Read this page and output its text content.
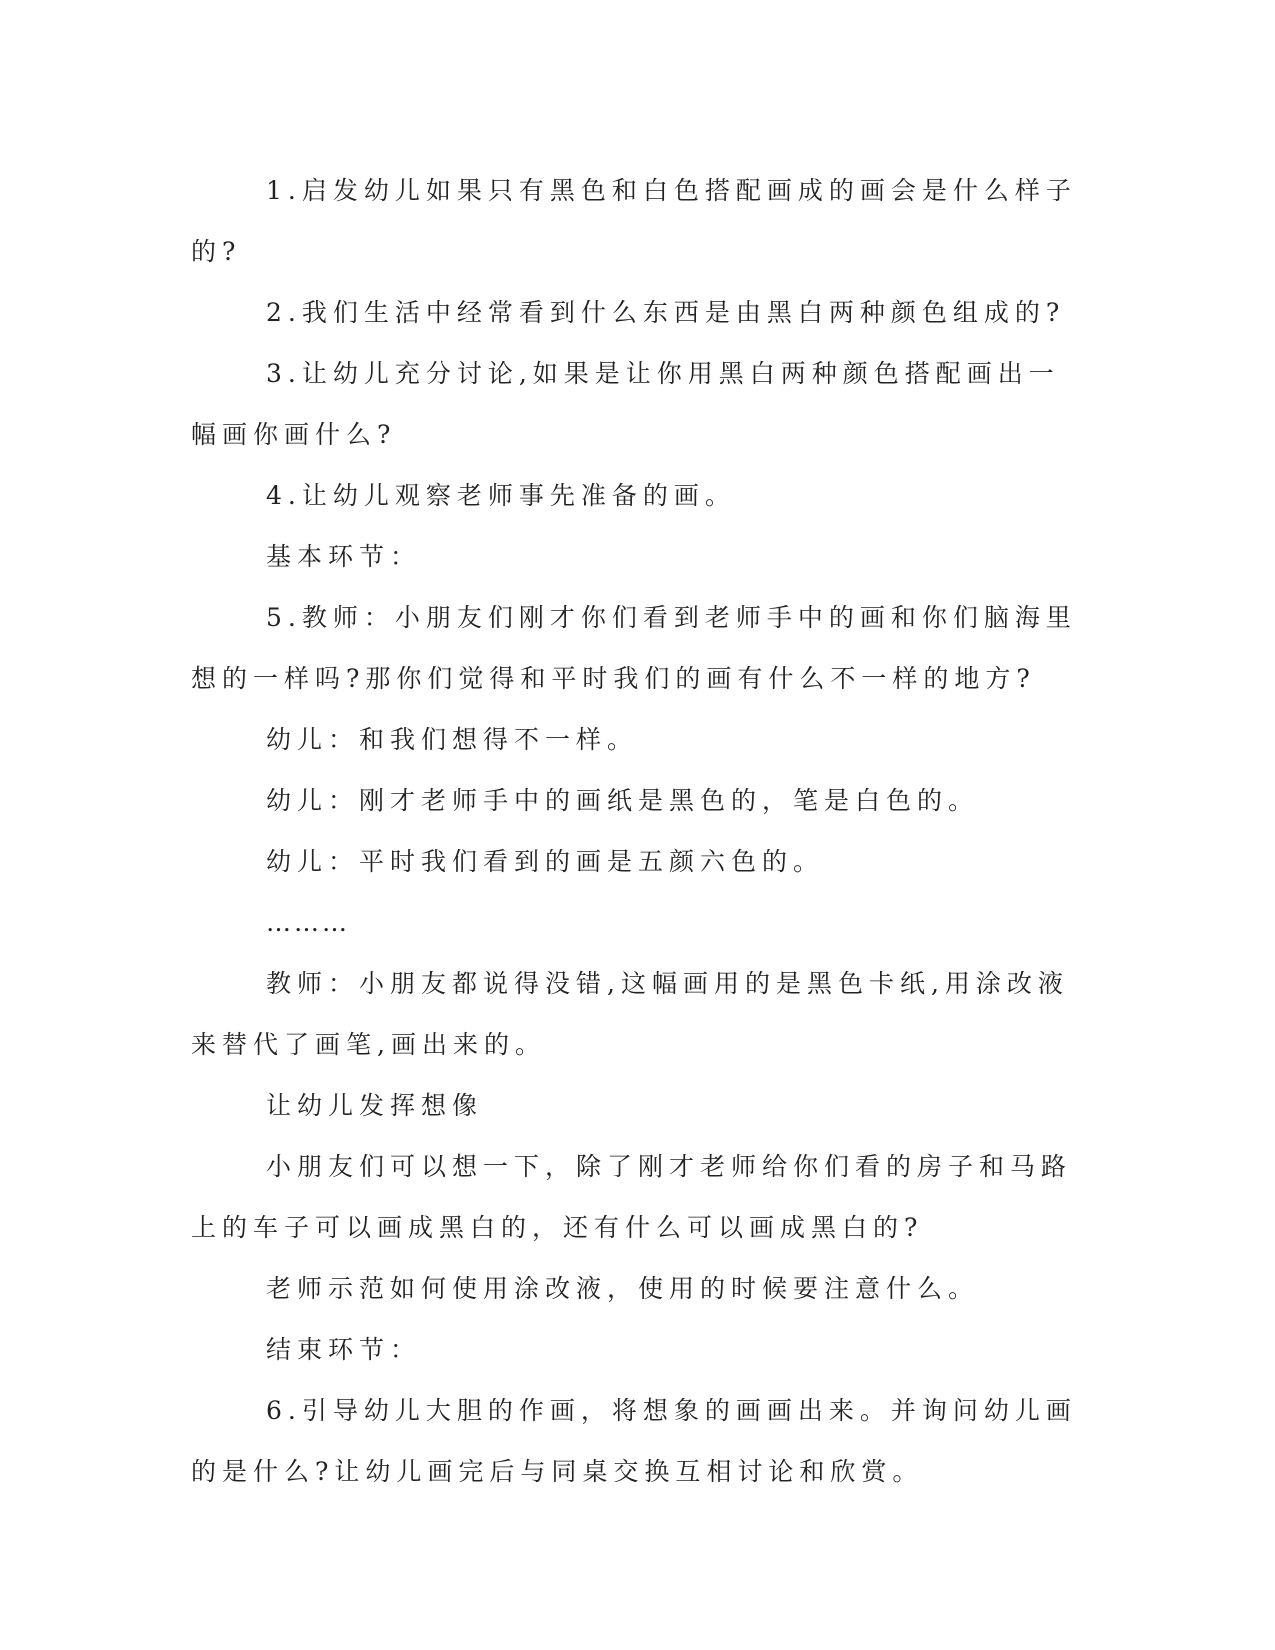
1.启发幼儿如果只有黑色和白色搭配画成的画会是什么样子的?

2.我们生活中经常看到什么东西是由黑白两种颜色组成的?

3.让幼儿充分讨论,如果是让你用黑白两种颜色搭配画出一幅画你画什么?

4.让幼儿观察老师事先准备的画。

基本环节：

5.教师：小朋友们刚才你们看到老师手中的画和你们脑海里想的一样吗?那你们觉得和平时我们的画有什么不一样的地方?

幼儿：和我们想得不一样。

幼儿：刚才老师手中的画纸是黑色的，笔是白色的。

幼儿：平时我们看到的画是五颜六色的。

………

教师：小朋友都说得没错,这幅画用的是黑色卡纸,用涂改液来替代了画笔,画出来的。

让幼儿发挥想像

小朋友们可以想一下，除了刚才老师给你们看的房子和马路上的车子可以画成黑白的，还有什么可以画成黑白的?

老师示范如何使用涂改液，使用的时候要注意什么。

结束环节：

6.引导幼儿大胆的作画，将想象的画画出来。并询问幼儿画的是什么?让幼儿画完后与同桌交换互相讨论和欣赏。
